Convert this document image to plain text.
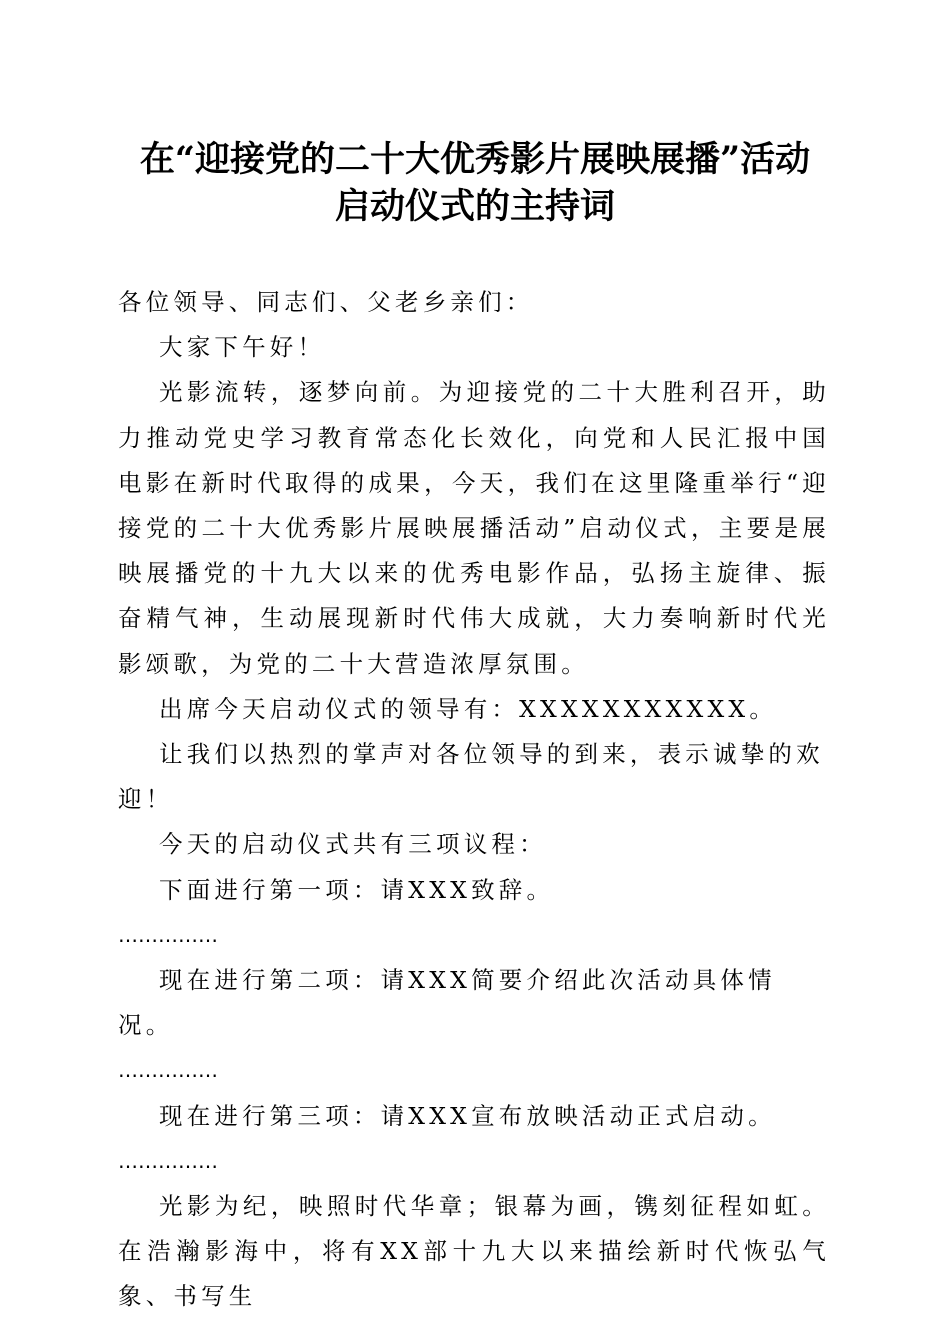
在“迎接党的二十大优秀影片展映展播”活动
启动仪式的主持词

各位领导、同志们、父老乡亲们：

大家下午好！

光影流转，逐梦向前。为迎接党的二十大胜利召开，助力推动党史学习教育常态化长效化，向党和人民汇报中国电影在新时代取得的成果，今天，我们在这里隆重举行“迎接党的二十大优秀影片展映展播活动”启动仪式，主要是展映展播党的十九大以来的优秀电影作品，弘扬主旋律、振奋精气神，生动展现新时代伟大成就，大力奏响新时代光影颂歌，为党的二十大营造浓厚氛围。

出席今天启动仪式的领导有：XXXXXXXXXXX。

让我们以热烈的掌声对各位领导的到来，表示诚挚的欢迎！

今天的启动仪式共有三项议程：

下面进行第一项：请XXX致辞。

……………

现在进行第二项：请XXX简要介绍此次活动具体情况。

……………

现在进行第三项：请XXX宣布放映活动正式启动。

……………

光影为纪，映照时代华章；银幕为画，镌刻征程如虹。在浩瀚影海中，将有XX部十九大以来描绘新时代恢弘气象、书写生
